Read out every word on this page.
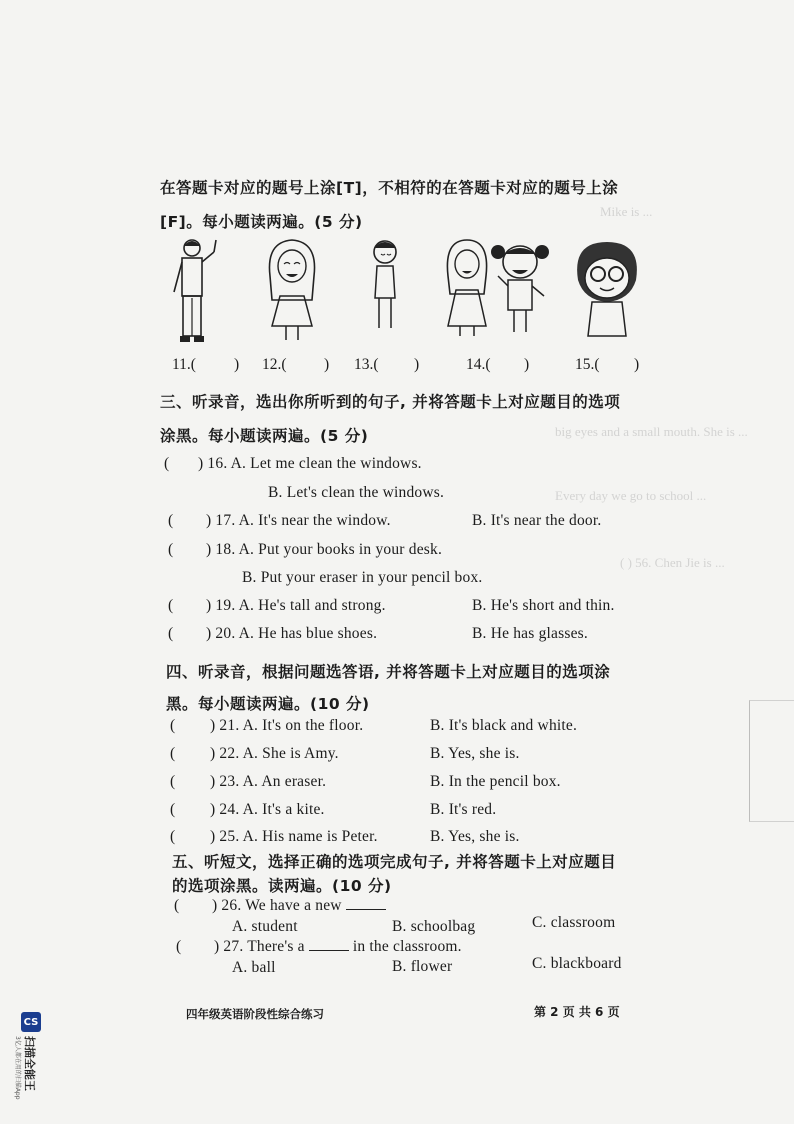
Mike is ...
big eyes and a small mouth. She is ...
Every day we go to school ...
( ) 56. Chen Jie is ...
在答题卡对应的题号上涂[T]，不相符的在答题卡对应的题号上涂
[F]。每小题读两遍。(5 分)
11.( ) 12.( ) 13.( )	14.( )	15.( )
三、听录音，选出你所听到的句子, 并将答题卡上对应题目的选项
涂黑。每小题读两遍。(5 分)
( ) 16. A. Let me clean the windows.
B. Let's clean the windows.
( ) 17. A. It's near the window.	B. It's near the door.
( ) 18. A. Put your books in your desk.
B. Put your eraser in your pencil box.
( ) 19. A. He's tall and strong.	B. He's short and thin.
( ) 20. A. He has blue shoes.	B. He has glasses.
四、听录音，根据问题选答语, 并将答题卡上对应题目的选项涂
黑。每小题读两遍。(10 分)
( ) 21. A. It's on the floor.	B. It's black and white.
( ) 22. A. She is Amy.	B. Yes, she is.
( ) 23. A. An eraser.	B. In the pencil box.
( ) 24. A. It's a kite.	B. It's red.
( ) 25. A. His name is Peter.	B. Yes, she is.
五、听短文，选择正确的选项完成句子, 并将答题卡上对应题目
的选项涂黑。读两遍。(10 分)
( ) 26. We have a new
A. student	B. schoolbag	C. classroom
( ) 27. There's a	in the classroom.
A. ball	B. flower	C. blackboard
四年级英语阶段性综合练习	第 2 页 共 6 页
CS
扫描全能王
3亿人都在用的扫描App
